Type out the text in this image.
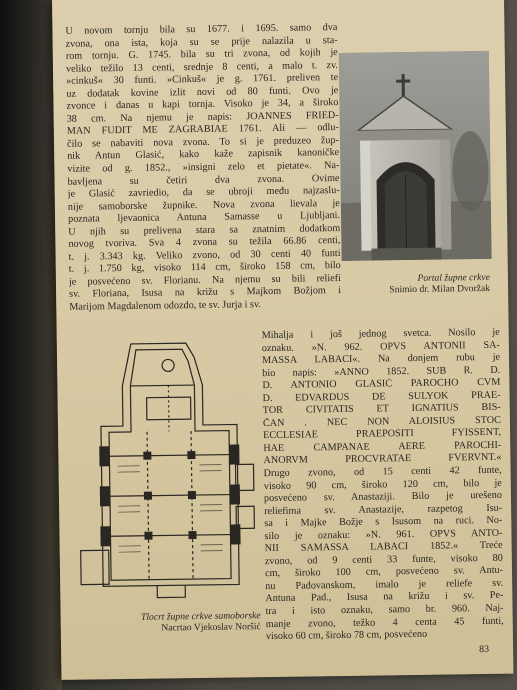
U novom tornju bila su 1677. i 1695. samo dva
zvona, ona ista, koja su se prije nalazila u sta-
rom tornju. G. 1745. bila su tri zvona, od kojih je
veliko težilo 13 centi, srednje 8 centi, a malo t. zv.
»cinkuš« 30 funti. »Cinkuš« je g. 1761. preliven te
uz dodatak kovine izlit novi od 80 funti. Ovo je
zvonce i danas u kapi tornja. Visoko je 34, a široko
38 cm. Na njemu je napis: JOANNES FRIED-
MAN FUDIT ME ZAGRABIAE 1761. Ali — odlu-
čilo se nabaviti nova zvona. To si je preduzeo žup-
nik Antun Glasić, kako kaže zapisnik kanoničke
vizite od g. 1852., »insigni zelo et pietate«. Na-
bavljena su četiri dva zvona. Ovime
je Glasić zavriedio, da se ubroji među najzaslu-
nije samoborske župnike. Nova zvona lievala je
poznata ljevaonica Antuna Samasse u Ljubljani.
U njih su prelivena stara sa znatnim dodatkom
novog tvoriva. Sva 4 zvona su težila 66.86 centi,
t. j. 3.343 kg. Veliko zvono, od 30 centi 40 funti
t. j. 1.750 kg, visoko 114 cm, široko 158 cm, bilo
je posvećeno sv. Florianu. Na njemu su bili reliefi
sv. Floriana, Isusa na križu s Majkom Božjom i
Marijom Magdalenom odozdo, te sv. Jurja i sv.
Portal župne crkve
Snimio dr. Milan Dvoržak
Tlocrt župne crkve samoborske
Nacrtao Vjekoslav Noršić
Mihalja i još jednog svetca. Nosilo je
oznaku. »N. 962. OPVS ANTONII SA-
MASSA LABACI«. Na donjem rubu je
bio napis: »ANNO 1852. SUB R. D.
D. ANTONIO GLASIĆ PAROCHO CVM
D. EDVARDUS DE SULYOK PRAE-
TOR CIVITATIS ET IGNATIUS BIS-
ČAN . NEC NON ALOISIUS STOC
ECCLESIAE PRAEPOSITI FYISSENT,
HAE CAMPANAE AERE PAROCHI-
ANORVM PROCVRATAE FVERVNT.«
Drugo zvono, od 15 centi 42 funte,
visoko 90 cm, široko 120 cm, bilo je
posvećeno sv. Anastaziji. Bilo je urešeno
reliefima sv. Anastazije, razpetog Isu-
sa i Majke Božje s Isusom na ruci. No-
silo je oznaku: »N. 961. OPVS ANTO-
NII SAMASSA LABACI 1852.« Treće
zvono, od 9 centi 33 funte, visoko 80
cm, široko 100 cm, posvećeno sv. Antu-
nu Padovanskom, imalo je reliefe sv.
Antuna Pad., Isusa na križu i sv. Pe-
tra i isto oznaku, samo br. 960. Naj-
manje zvono, težko 4 centa 45 funti,
visoko 60 cm, široko 78 cm, posvećeno
83
